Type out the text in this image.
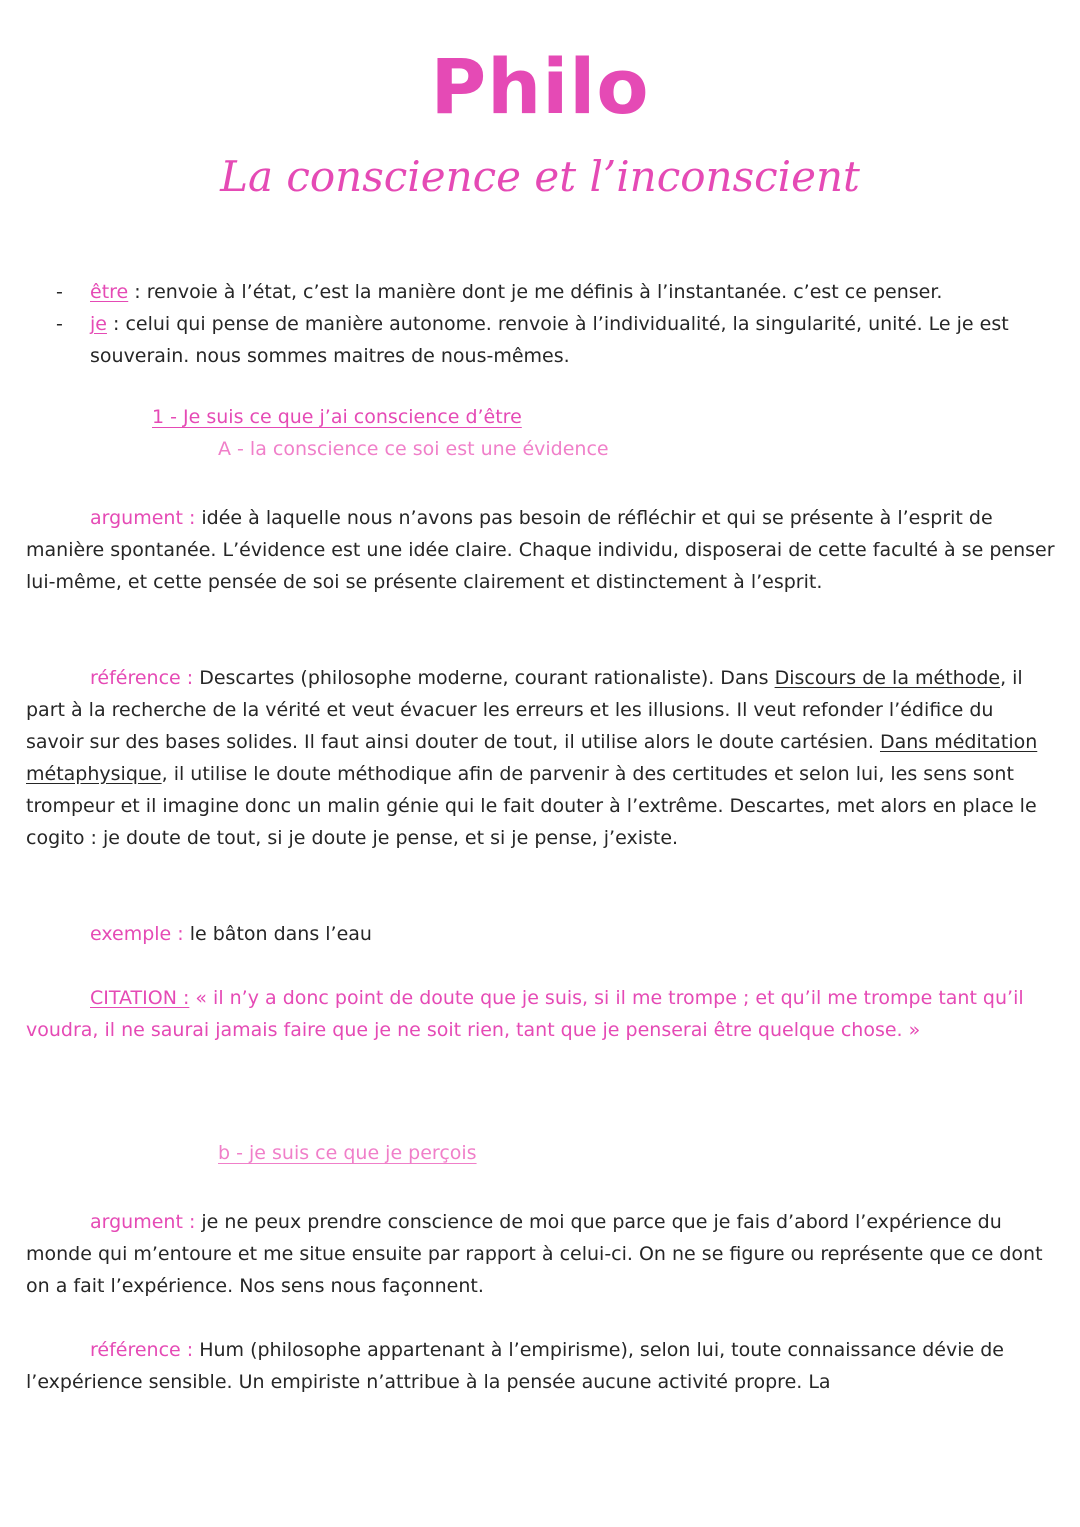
Philo
La conscience et l’inconscient
-	être : renvoie à l’état, c’est la manière dont je me définis à l’instantanée. c’est ce penser.
-	je : celui qui pense de manière autonome. renvoie à l’individualité, la singularité, unité. Le je est souverain. nous sommes maitres de nous-mêmes.
1 - Je suis ce que j’ai conscience d’être
A - la conscience ce soi est une évidence
argument : idée à laquelle nous n’avons pas besoin de réfléchir et qui se présente à l’esprit de manière spontanée. L’évidence est une idée claire. Chaque individu, disposerai de cette faculté à se penser lui-même, et cette pensée de soi se présente clairement et distinctement à l’esprit.
référence : Descartes (philosophe moderne, courant rationaliste). Dans Discours de la méthode, il part à la recherche de la vérité et veut évacuer les erreurs et les illusions. Il veut refonder l’édifice du savoir sur des bases solides. Il faut ainsi douter de tout, il utilise alors le doute cartésien. Dans méditation métaphysique, il utilise le doute méthodique afin de parvenir à des certitudes et selon lui, les sens sont trompeur et il imagine donc un malin génie qui le fait douter à l’extrême. Descartes, met alors en place le cogito : je doute de tout, si je doute je pense, et si je pense, j’existe.
exemple : le bâton dans l’eau
CITATION : « il n’y a donc point de doute que je suis, si il me trompe ; et qu’il me trompe tant qu’il voudra, il ne saurai jamais faire que je ne soit rien, tant que je penserai être quelque chose. »
b - je suis ce que je perçois
argument : je ne peux prendre conscience de moi que parce que je fais d’abord l’expérience du monde qui m’entoure et me situe ensuite par rapport à celui-ci. On ne se figure ou représente que ce dont on a fait l’expérience. Nos sens nous façonnent.
référence : Hum (philosophe appartenant à l’empirisme), selon lui, toute connaissance dévie de l’expérience sensible. Un empiriste n’attribue à la pensée aucune activité propre. La
